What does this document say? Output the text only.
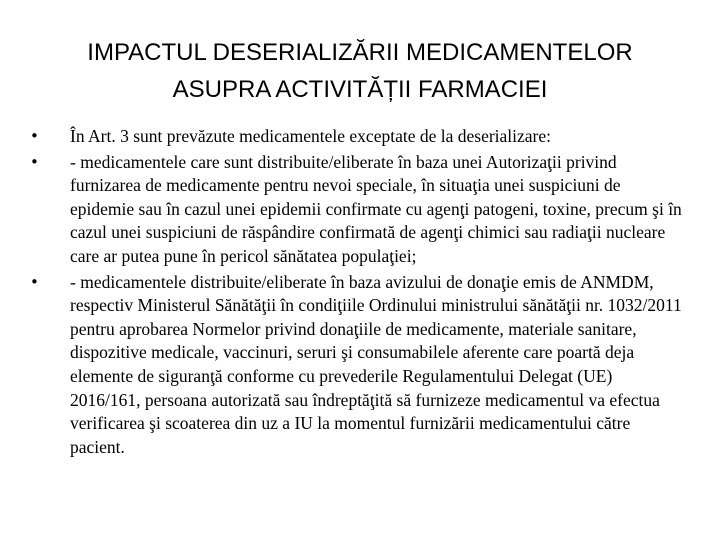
IMPACTUL DESERIALIZĂRII MEDICAMENTELOR
ASUPRA ACTIVITĂȚII FARMACIEI
• În Art. 3 sunt prevăzute medicamentele exceptate de la deserializare:
• - medicamentele care sunt distribuite/eliberate în baza unei Autorizaţii privind furnizarea de medicamente pentru nevoi speciale, în situaţia unei suspiciuni de epidemie sau în cazul unei epidemii confirmate cu agenţi patogeni, toxine, precum şi în cazul unei suspiciuni de răspândire confirmată de agenţi chimici sau radiaţii nucleare care ar putea pune în pericol sănătatea populaţiei;
• - medicamentele distribuite/eliberate în baza avizului de donaţie emis de ANMDM, respectiv Ministerul Sănătăţii în condiţiile Ordinului ministrului sănătăţii nr. 1032/2011 pentru aprobarea Normelor privind donaţiile de medicamente, materiale sanitare, dispozitive medicale, vaccinuri, seruri şi consumabilele aferente care poartă deja elemente de siguranţă conforme cu prevederile Regulamentului Delegat (UE) 2016/161, persoana autorizată sau îndreptăţită să furnizeze medicamentul va efectua verificarea şi scoaterea din uz a IU la momentul furnizării medicamentului către pacient.
